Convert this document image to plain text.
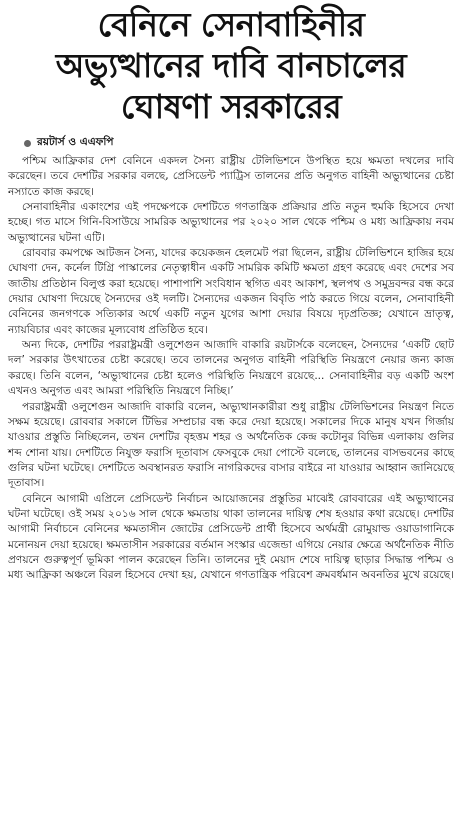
বেনিনে সেনাবাহিনীর
অভ্যুত্থানের দাবি বানচালের
ঘোষণা সরকারের
রয়টার্স ও এএফপি

পশ্চিম আফ্রিকার দেশ বেনিনে একদল সৈন্য রাষ্ট্রীয় টেলিভিশনে উপস্থিত হয়ে ক্ষমতা দখলের দাবি করেছেন। তবে দেশটির সরকার বলছে, প্রেসিডেন্ট প্যাট্রিস তালনের প্রতি অনুগত বাহিনী অভ্যুত্থানের চেষ্টা নস্যাতে কাজ করছে।

সেনাবাহিনীর একাংশের এই পদক্ষেপকে দেশটিতে গণতান্ত্রিক প্রক্রিয়ার প্রতি নতুন হুমকি হিসেবে দেখা হচ্ছে। গত মাসে গিনি-বিসাউয়ে সামরিক অভ্যুত্থানের পর ২০২০ সাল থেকে পশ্চিম ও মধ্য আফ্রিকায় নবম অভ্যুত্থানের ঘটনা এটি।

রোববার কমপক্ষে আটজন সৈন্য, যাদের কয়েকজন হেলমেট পরা ছিলেন, রাষ্ট্রীয় টেলিভিশনে হাজির হয়ে ঘোষণা দেন, কর্নেল টিগ্রি পাস্কালের নেতৃত্বাধীন একটি সামরিক কমিটি ক্ষমতা গ্রহণ করেছে এবং দেশের সব জাতীয় প্রতিষ্ঠান বিলুপ্ত করা হয়েছে। পাশাপাশি সংবিধান স্থগিত এবং আকাশ, স্থলপথ ও সমুদ্রবন্দর বন্ধ করে দেয়ার ঘোষণা দিয়েছে সৈন্যদের ওই দলটি। সৈন্যদের একজন বিবৃতি পাঠ করতে গিয়ে বলেন, সেনাবাহিনী বেনিনের জনগণকে সত্যিকার অর্থে একটি নতুন যুগের আশা দেয়ার বিষয়ে দৃঢ়প্রতিজ্ঞ; যেখানে ভ্রাতৃত্ব, ন্যায়বিচার এবং কাজের মূল্যবোধ প্রতিষ্ঠিত হবে।

অন্য দিকে, দেশটির পররাষ্ট্রমন্ত্রী ওলুশেগুন আজাদি বাকারি রয়টার্সকে বলেছেন, সৈন্যদের ‘একটি ছোট দল’ সরকার উৎখাতের চেষ্টা করেছে। তবে তালনের অনুগত বাহিনী পরিস্থিতি নিয়ন্ত্রণে নেয়ার জন্য কাজ করছে। তিনি বলেন, ‘অভ্যুত্থানের চেষ্টা হলেও পরিস্থিতি নিয়ন্ত্রণে রয়েছে... সেনাবাহিনীর বড় একটি অংশ এখনও অনুগত এবং আমরা পরিস্থিতি নিয়ন্ত্রণে নিচ্ছি।’

পররাষ্ট্রমন্ত্রী ওলুশেগুন আজাদি বাকারি বলেন, অভ্যুত্থানকারীরা শুধু রাষ্ট্রীয় টেলিভিশনের নিয়ন্ত্রণ নিতে সক্ষম হয়েছে। রোববার সকালে টিভির সম্প্রচার বন্ধ করে দেয়া হয়েছে। সকালের দিকে মানুষ যখন গির্জায় যাওয়ার প্রস্তুতি নিচ্ছিলেন, তখন দেশটির বৃহত্তম শহর ও অর্থনৈতিক কেন্দ্র কটোনুর বিভিন্ন এলাকায় গুলির শব্দ শোনা যায়। দেশটিতে নিযুক্ত ফরাসি দূতাবাস ফেসবুকে দেয়া পোস্টে বলেছে, তালনের বাসভবনের কাছে গুলির ঘটনা ঘটেছে। দেশটিতে অবস্থানরত ফরাসি নাগরিকদের বাসার বাইরে না যাওয়ার আহ্বান জানিয়েছে দূতাবাস।

বেনিনে আগামী এপ্রিলে প্রেসিডেন্ট নির্বাচন আয়োজনের প্রস্তুতির মাঝেই রোববারের এই অভ্যুত্থানের ঘটনা ঘটেছে। ওই সময় ২০১৬ সাল থেকে ক্ষমতায় থাকা তালনের দায়িত্ব শেষ হওয়ার কথা রয়েছে। দেশটির আগামী নির্বাচনে বেনিনের ক্ষমতাসীন জোটের প্রেসিডেন্ট প্রার্থী হিসেবে অর্থমন্ত্রী রোমুয়াল্ড ওয়াডাগানিকে মনোনয়ন দেয়া হয়েছে। ক্ষমতাসীন সরকারের বর্তমান সংস্কার এজেন্ডা এগিয়ে নেয়ার ক্ষেত্রে অর্থনৈতিক নীতি প্রণয়নে গুরুত্বপূর্ণ ভূমিকা পালন করেছেন তিনি। তালনের দুই মেয়াদ শেষে দায়িত্ব ছাড়ার সিদ্ধান্ত পশ্চিম ও মধ্য আফ্রিকা অঞ্চলে বিরল হিসেবে দেখা হয়, যেখানে গণতান্ত্রিক পরিবেশ ক্রমবর্ধমান অবনতির মুখে রয়েছে।
